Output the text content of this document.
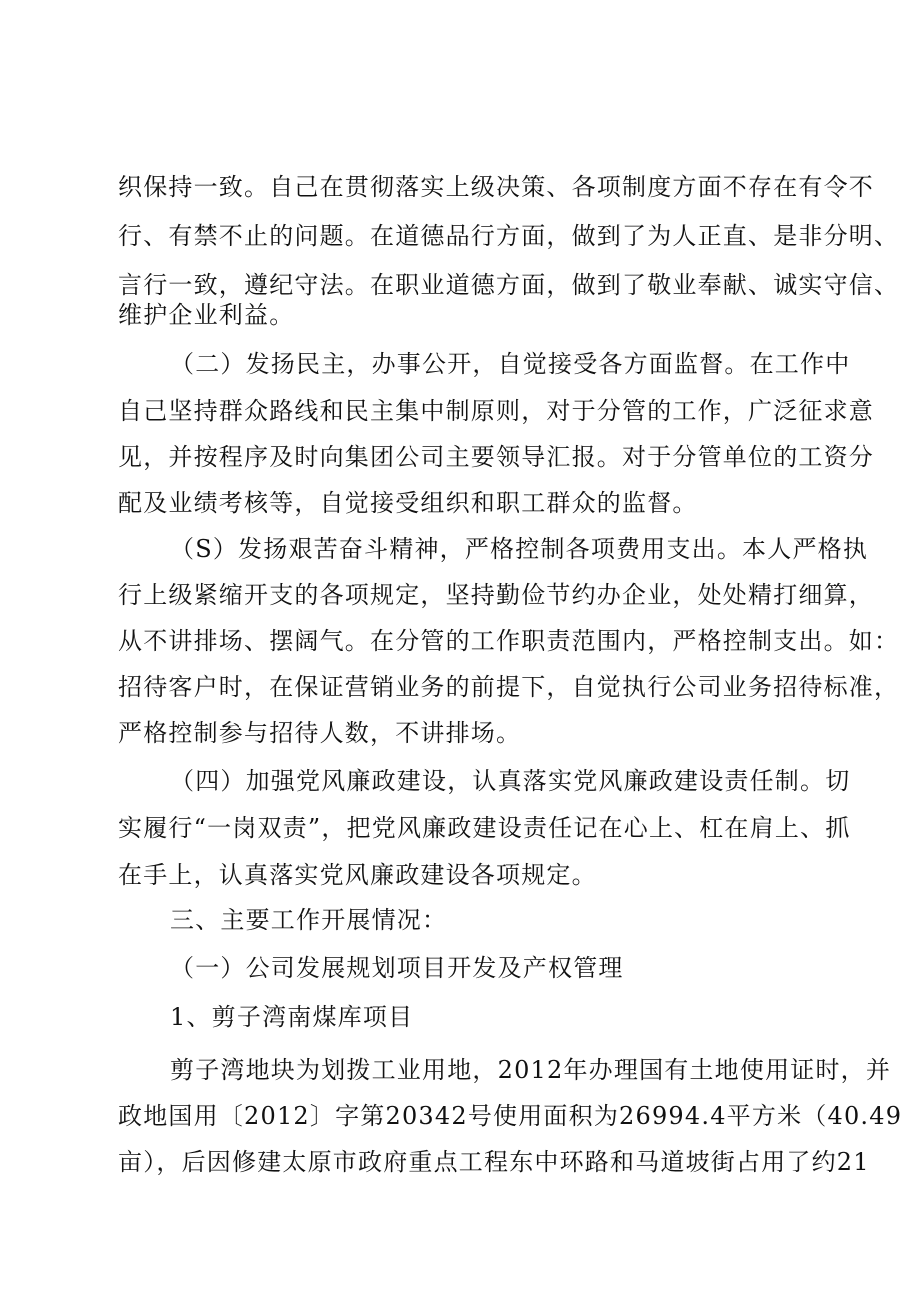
织保持一致。自己在贯彻落实上级决策、各项制度方面不存在有令不
行、有禁不止的问题。在道德品行方面，做到了为人正直、是非分明、
言行一致，遵纪守法。在职业道德方面，做到了敬业奉献、诚实守信、
维护企业利益。
（二）发扬民主，办事公开，自觉接受各方面监督。在工作中
自己坚持群众路线和民主集中制原则，对于分管的工作，广泛征求意
见，并按程序及时向集团公司主要领导汇报。对于分管单位的工资分
配及业绩考核等，自觉接受组织和职工群众的监督。
（S）发扬艰苦奋斗精神，严格控制各项费用支出。本人严格执
行上级紧缩开支的各项规定，坚持勤俭节约办企业，处处精打细算，
从不讲排场、摆阔气。在分管的工作职责范围内，严格控制支出。如：
招待客户时，在保证营销业务的前提下，自觉执行公司业务招待标准，
严格控制参与招待人数，不讲排场。
（四）加强党风廉政建设，认真落实党风廉政建设责任制。切
实履行“一岗双责”，把党风廉政建设责任记在心上、杠在肩上、抓
在手上，认真落实党风廉政建设各项规定。
三、主要工作开展情况：
（一）公司发展规划项目开发及产权管理
1、剪子湾南煤库项目
剪子湾地块为划拨工业用地，2012年办理国有土地使用证时，并
政地国用〔2012〕字第20342号使用面积为26994.4平方米（40.49
亩），后因修建太原市政府重点工程东中环路和马道坡街占用了约21
